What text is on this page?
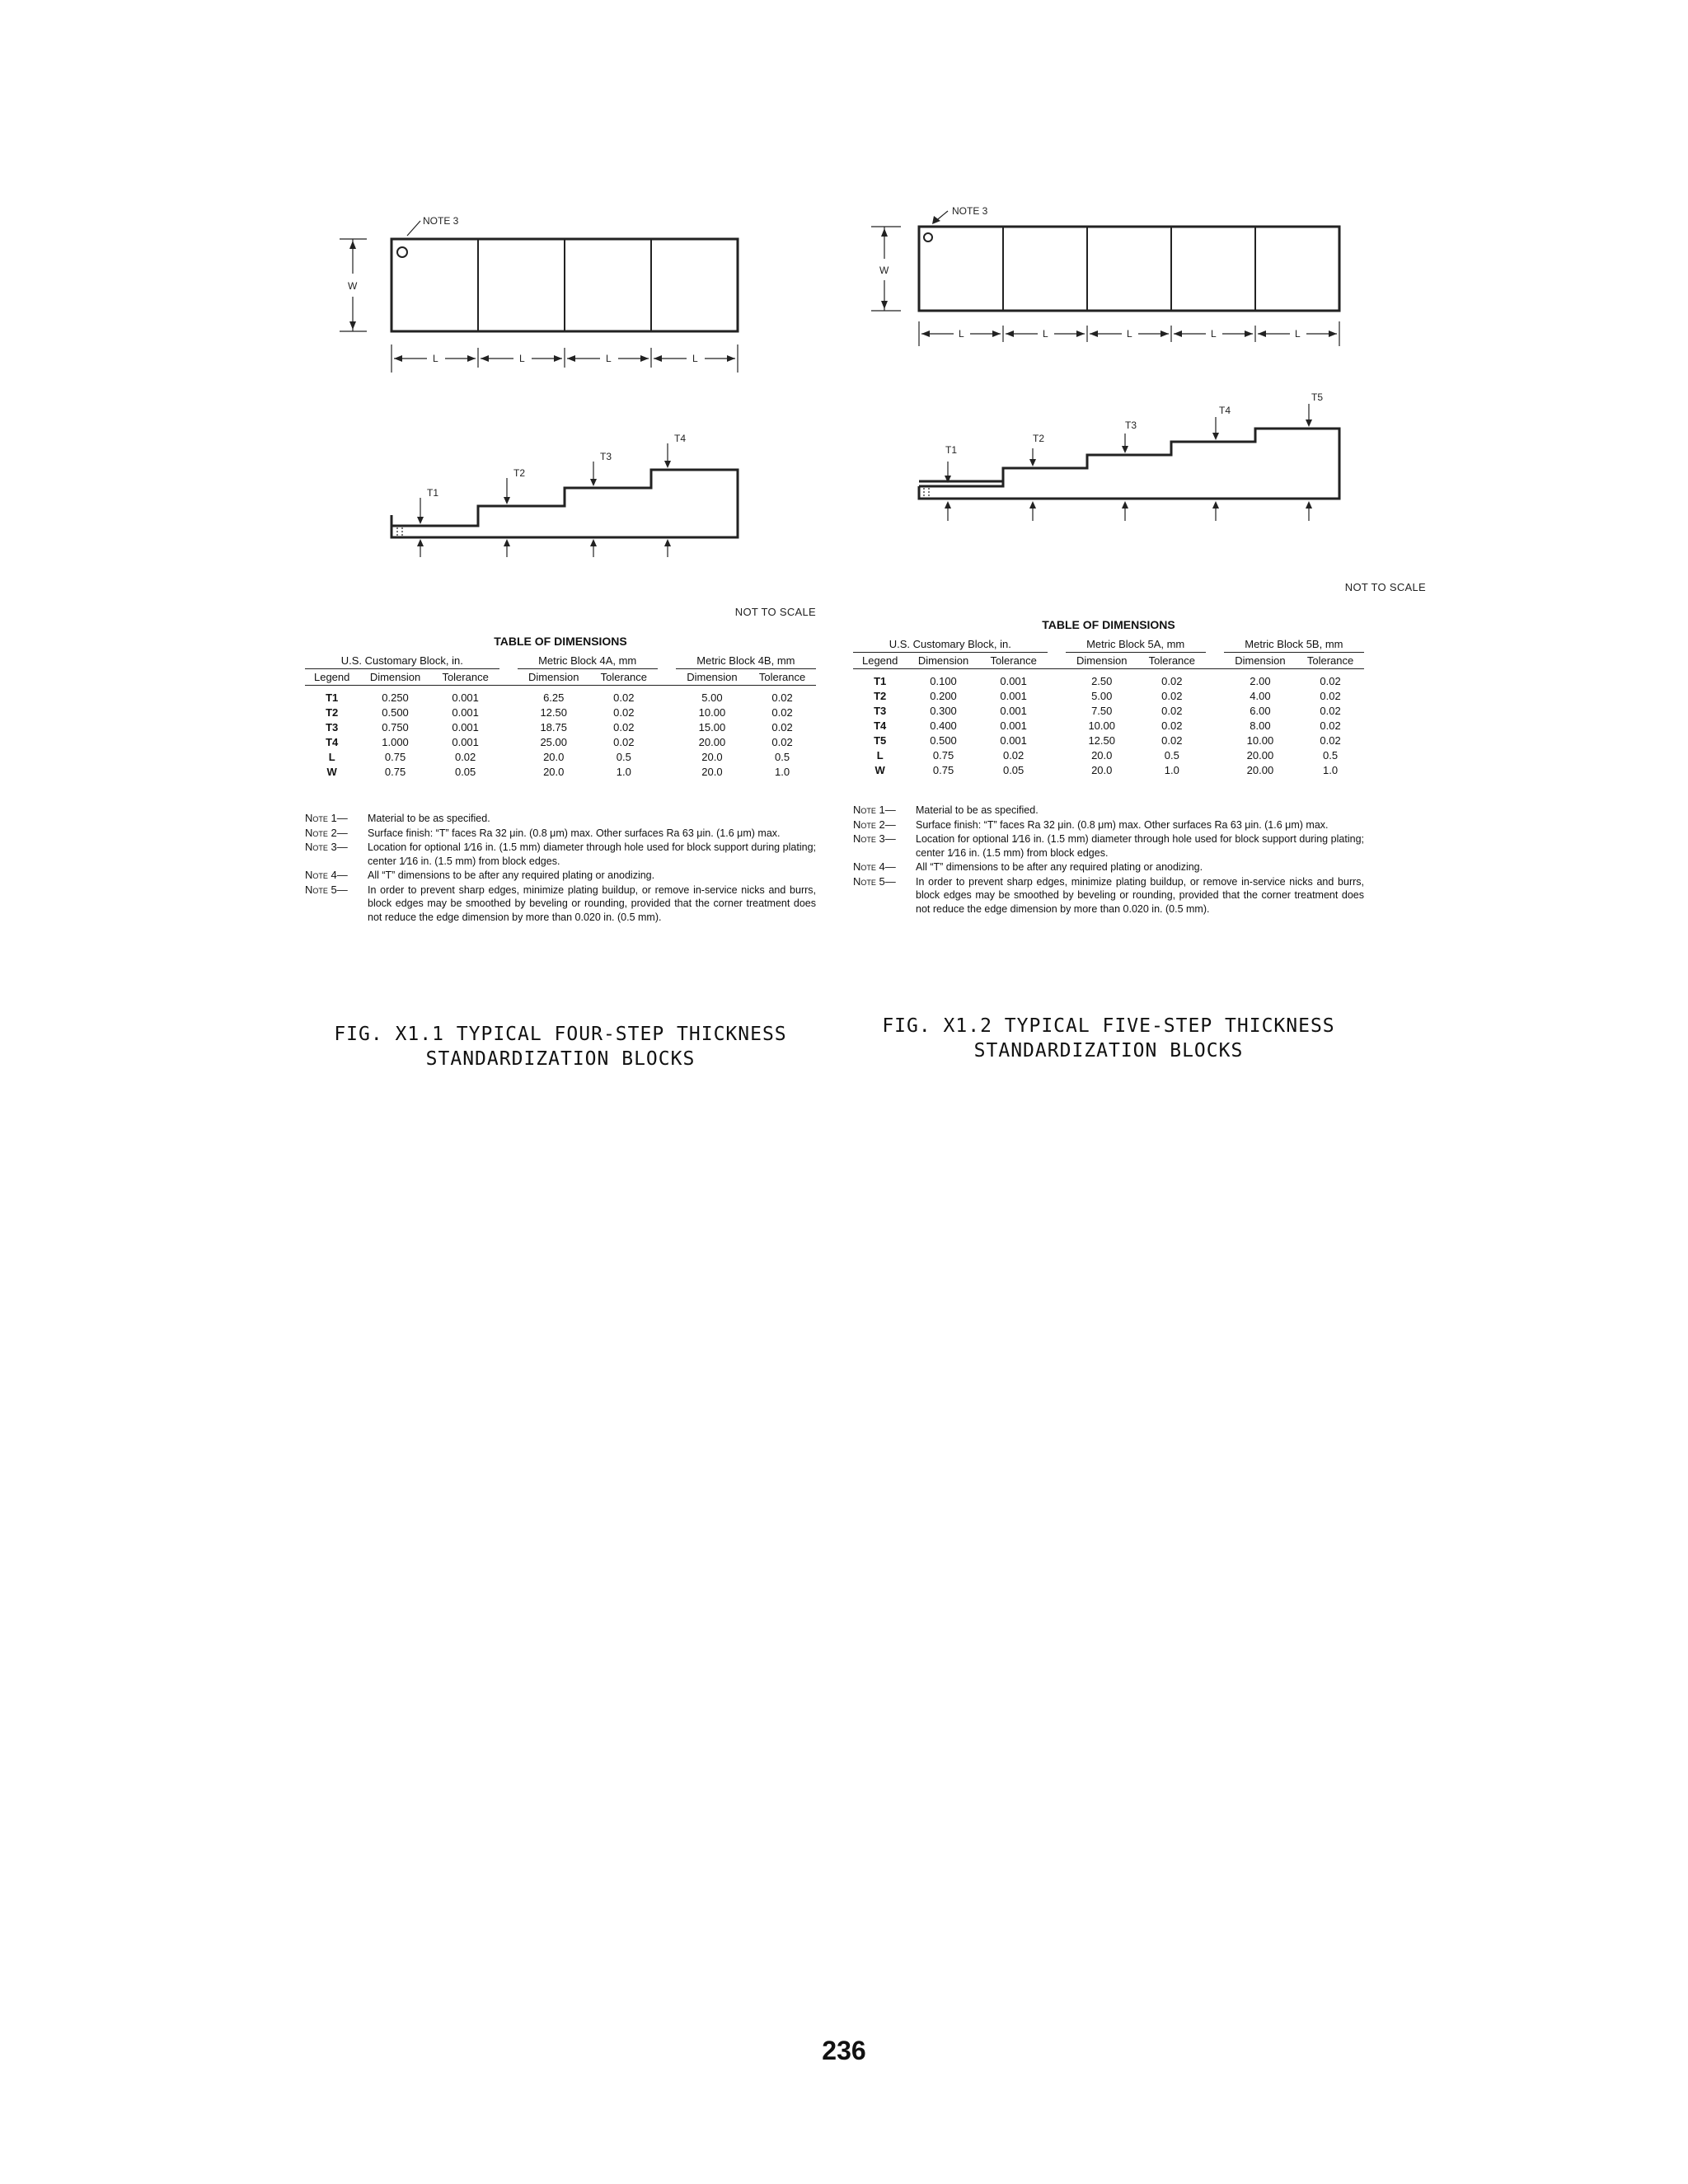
NOTE 3
W
L	L	L	L
T1
T2
T3
T4
NOT TO SCALE
TABLE OF DIMENSIONS
U.S. Customary Block, in.				Metric Block 4A, mm			Metric Block 4B, mm	
Legend	Dimension	Tolerance		Dimension	Tolerance		Dimension	Tolerance

T1	0.250	0.001		6.25	0.02		5.00	0.02
T2	0.500	0.001		12.50	0.02		10.00	0.02
T3	0.750	0.001		18.75	0.02		15.00	0.02
T4	1.000	0.001		25.00	0.02		20.00	0.02
L	0.75	0.02		20.0	0.5		20.0	0.5
W	0.75	0.05		20.0	1.0		20.0	1.0
Note 1—	Material to be as specified.
Note 2—	Surface finish: “T” faces Ra 32 μin. (0.8 μm) max. Other surfaces Ra 63 μin. (1.6 μm) max.
Note 3—	Location for optional 1⁄16 in. (1.5 mm) diameter through hole used for block support during plating; center 1⁄16 in. (1.5 mm) from block edges.
Note 4—	All “T” dimensions to be after any required plating or anodizing.
Note 5—	In order to prevent sharp edges, minimize plating buildup, or remove in-service nicks and burrs, block edges may be smoothed by beveling or rounding, provided that the corner treatment does not reduce the edge dimension by more than 0.020 in. (0.5 mm).
FIG. X1.1 TYPICAL FOUR-STEP THICKNESS
STANDARDIZATION BLOCKS
NOTE 3
W
L	L	L	L	L
T1
T2
T3
T4
T5
NOT TO SCALE
TABLE OF DIMENSIONS
U.S. Customary Block, in.				Metric Block 5A, mm			Metric Block 5B, mm	
Legend	Dimension	Tolerance		Dimension	Tolerance		Dimension	Tolerance

T1	0.100	0.001		2.50	0.02		2.00	0.02
T2	0.200	0.001		5.00	0.02		4.00	0.02
T3	0.300	0.001		7.50	0.02		6.00	0.02
T4	0.400	0.001		10.00	0.02		8.00	0.02
T5	0.500	0.001		12.50	0.02		10.00	0.02
L	0.75	0.02		20.0	0.5		20.00	0.5
W	0.75	0.05		20.0	1.0		20.00	1.0
Note 1—	Material to be as specified.
Note 2—	Surface finish: “T” faces Ra 32 μin. (0.8 μm) max. Other surfaces Ra 63 μin. (1.6 μm) max.
Note 3—	Location for optional 1⁄16 in. (1.5 mm) diameter through hole used for block support during plating; center 1⁄16 in. (1.5 mm) from block edges.
Note 4—	All “T” dimensions to be after any required plating or anodizing.
Note 5—	In order to prevent sharp edges, minimize plating buildup, or remove in-service nicks and burrs, block edges may be smoothed by beveling or rounding, provided that the corner treatment does not reduce the edge dimension by more than 0.020 in. (0.5 mm).
FIG. X1.2 TYPICAL FIVE-STEP THICKNESS
STANDARDIZATION BLOCKS
236
